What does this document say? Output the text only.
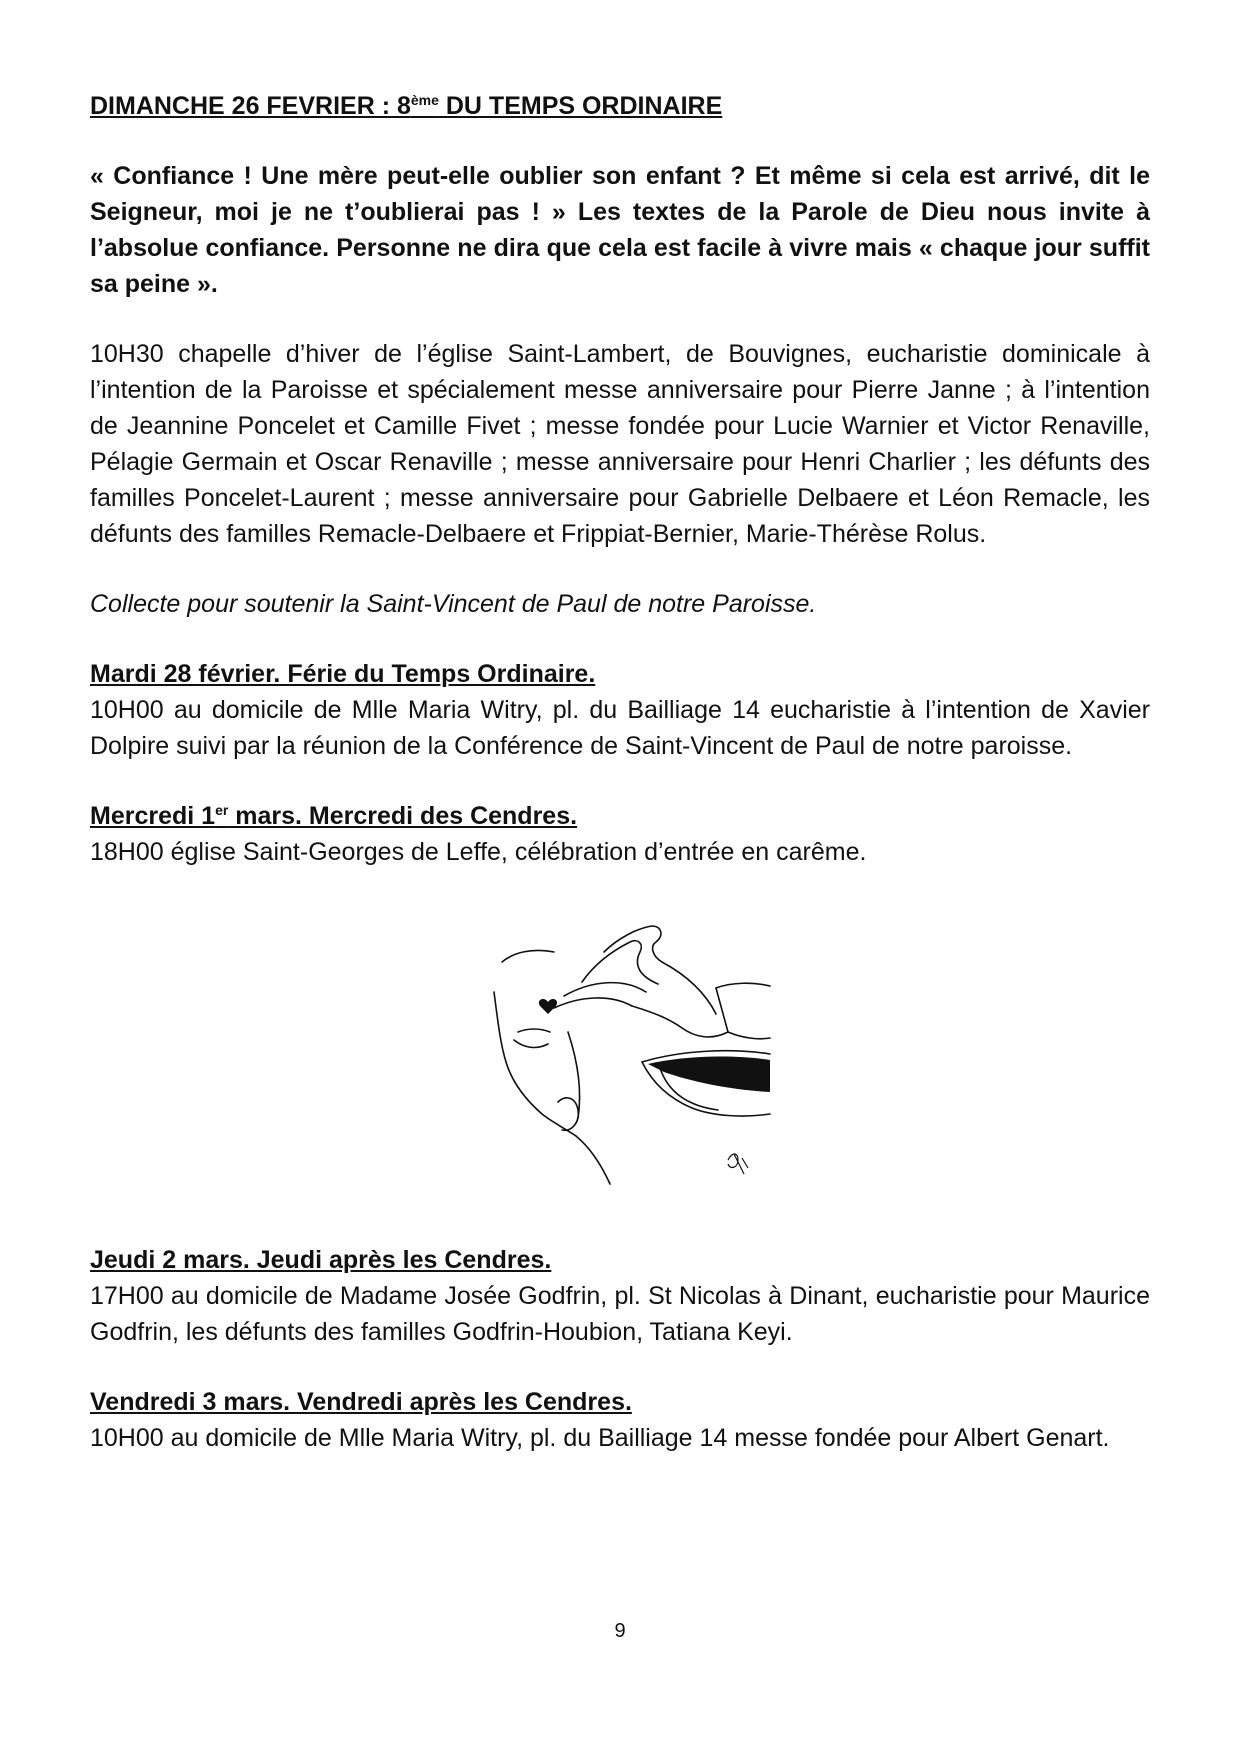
DIMANCHE 26 FEVRIER : 8ème DU TEMPS ORDINAIRE

« Confiance ! Une mère peut-elle oublier son enfant ? Et même si cela est arrivé, dit le Seigneur, moi je ne t’oublierai pas ! » Les textes de la Parole de Dieu nous invite à l’absolue confiance. Personne ne dira que cela est facile à vivre mais « chaque jour suffit sa peine ».

10H30 chapelle d’hiver de l’église Saint-Lambert, de Bouvignes, eucharistie dominicale à l’intention de la Paroisse et spécialement messe anniversaire pour Pierre Janne ; à l’intention de Jeannine Poncelet et Camille Fivet ; messe fondée pour Lucie Warnier et Victor Renaville, Pélagie Germain et Oscar Renaville ; messe anniversaire pour Henri Charlier ; les défunts des familles Poncelet-Laurent ; messe anniversaire pour Gabrielle Delbaere et Léon Remacle, les défunts des familles Remacle-Delbaere et Frippiat-Bernier, Marie-Thérèse Rolus.

Collecte pour soutenir la Saint-Vincent de Paul de notre Paroisse.

Mardi 28 février. Férie du Temps Ordinaire.

10H00 au domicile de Mlle Maria Witry, pl. du Bailliage 14 eucharistie à l’intention de Xavier Dolpire suivi par la réunion de la Conférence de Saint-Vincent de Paul de notre paroisse.

Mercredi 1er mars. Mercredi des Cendres.

18H00 église Saint-Georges de Leffe, célébration d’entrée en carême.

Jeudi 2 mars. Jeudi après les Cendres.

17H00 au domicile de Madame Josée Godfrin, pl. St Nicolas à Dinant, eucharistie pour Maurice Godfrin, les défunts des familles Godfrin-Houbion, Tatiana Keyi.

Vendredi 3 mars. Vendredi après les Cendres.

10H00 au domicile de Mlle Maria Witry, pl. du Bailliage 14 messe fondée pour Albert Genart.

9
